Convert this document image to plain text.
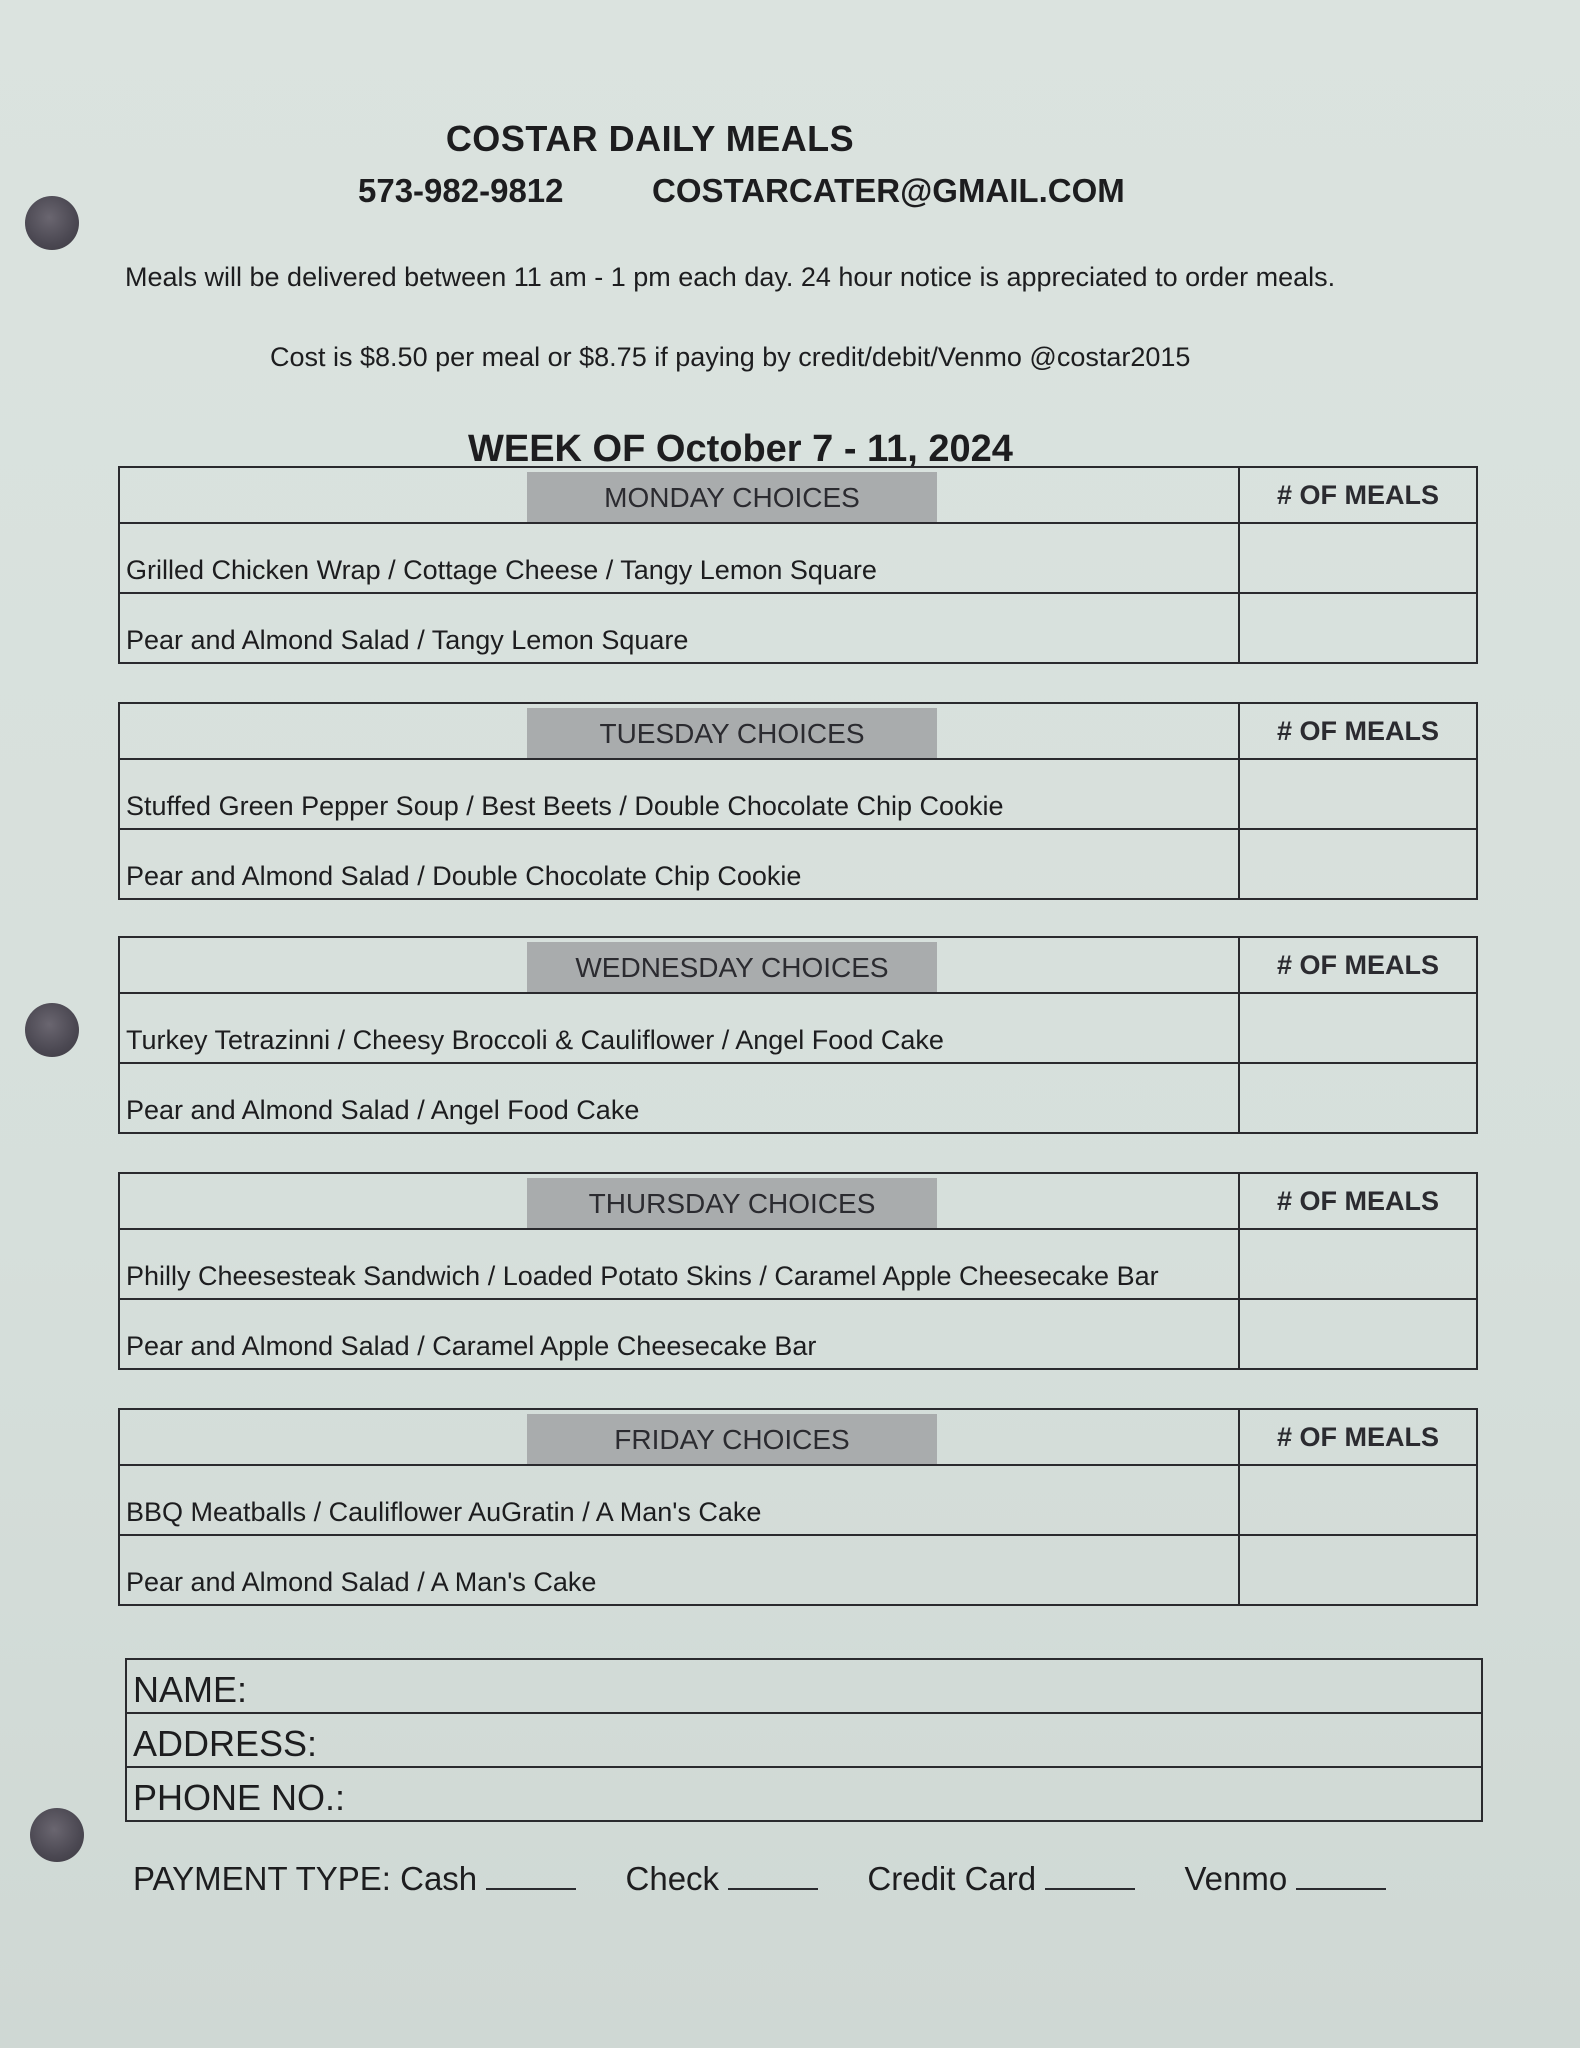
COSTAR DAILY MEALS
573-982-9812	COSTARCATER@GMAIL.COM
Meals will be delivered between 11 am - 1 pm each day. 24 hour notice is appreciated to order meals.
Cost is $8.50 per meal or $8.75 if paying by credit/debit/Venmo @costar2015
WEEK OF October 7 - 11, 2024
MONDAY CHOICES	# OF MEALS
Grilled Chicken Wrap / Cottage Cheese / Tangy Lemon Square	
Pear and Almond Salad / Tangy Lemon Square	
TUESDAY CHOICES	# OF MEALS
Stuffed Green Pepper Soup / Best Beets / Double Chocolate Chip Cookie	
Pear and Almond Salad / Double Chocolate Chip Cookie	
WEDNESDAY CHOICES	# OF MEALS
Turkey Tetrazinni / Cheesy Broccoli & Cauliflower / Angel Food Cake	
Pear and Almond Salad / Angel Food Cake	
THURSDAY CHOICES	# OF MEALS
Philly Cheesesteak Sandwich / Loaded Potato Skins / Caramel Apple Cheesecake Bar	
Pear and Almond Salad / Caramel Apple Cheesecake Bar	
FRIDAY CHOICES	# OF MEALS
BBQ Meatballs / Cauliflower AuGratin / A Man's Cake	
Pear and Almond Salad / A Man's Cake	
NAME:
ADDRESS:
PHONE NO.:
PAYMENT TYPE: Cash	Check	Credit Card	Venmo
